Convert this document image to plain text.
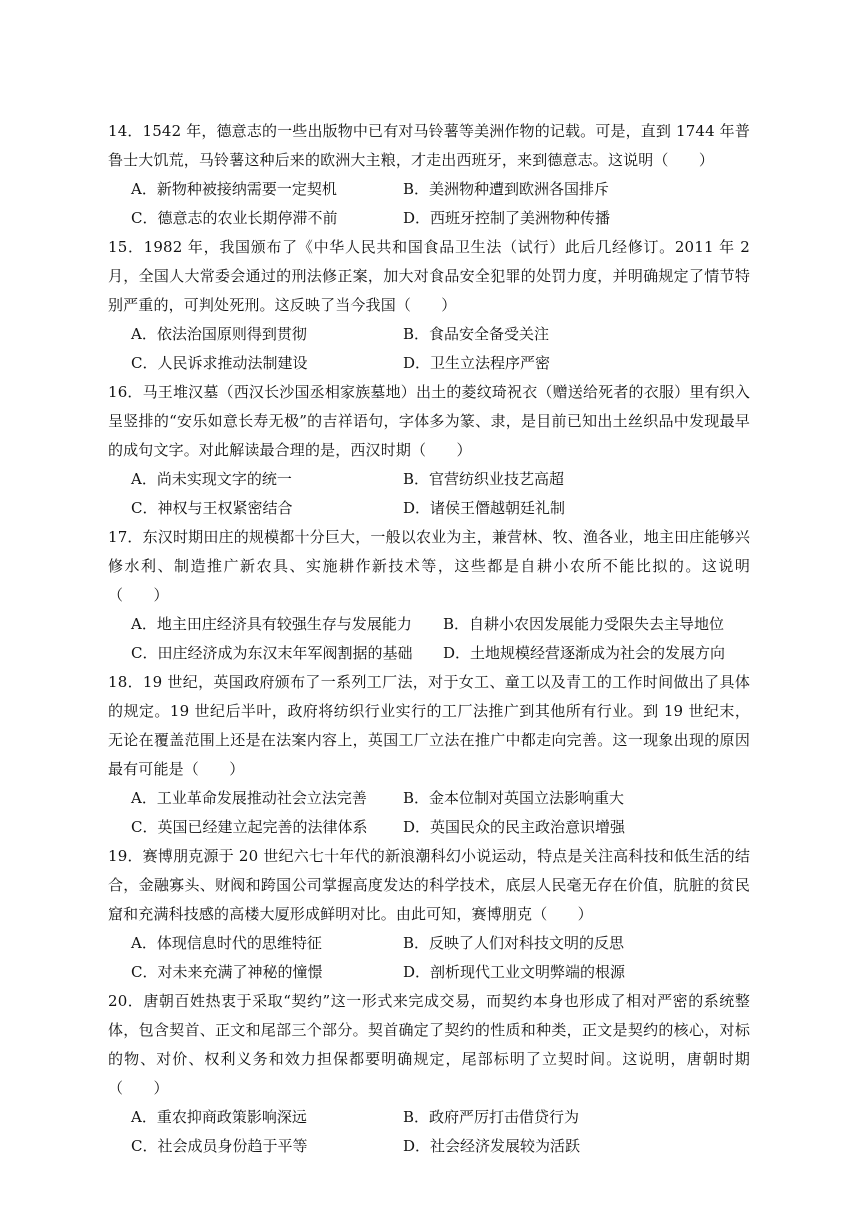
14．1542 年，德意志的一些出版物中已有对马铃薯等美洲作物的记载。可是，直到 1744 年普鲁士大饥荒，马铃薯这种后来的欧洲大主粮，才走出西班牙，来到德意志。这说明（　　）

A．新物种被接纳需要一定契机	B．美洲物种遭到欧洲各国排斥
C．德意志的农业长期停滞不前	D．西班牙控制了美洲物种传播

15．1982 年，我国颁布了《中华人民共和国食品卫生法（试行）此后几经修订。2011 年 2 月，全国人大常委会通过的刑法修正案，加大对食品安全犯罪的处罚力度，并明确规定了情节特别严重的，可判处死刑。这反映了当今我国（　　）

A．依法治国原则得到贯彻	B．食品安全备受关注
C．人民诉求推动法制建设	D．卫生立法程序严密

16．马王堆汉墓（西汉长沙国丞相家族墓地）出土的菱纹琦祝衣（赠送给死者的衣服）里有织入呈竖排的“安乐如意长寿无极”的吉祥语句，字体多为篆、隶，是目前已知出土丝织品中发现最早的成句文字。对此解读最合理的是，西汉时期（　　）

A．尚未实现文字的统一	B．官营纺织业技艺高超
C．神权与王权紧密结合	D．诸侯王僭越朝廷礼制

17．东汉时期田庄的规模都十分巨大，一般以农业为主，兼营林、牧、渔各业，地主田庄能够兴修水利、制造推广新农具、实施耕作新技术等，这些都是自耕小农所不能比拟的。这说明（　　）

A．地主田庄经济具有较强生存与发展能力	B．自耕小农因发展能力受限失去主导地位
C．田庄经济成为东汉末年军阀割据的基础	D．土地规模经营逐渐成为社会的发展方向

18．19 世纪，英国政府颁布了一系列工厂法，对于女工、童工以及青工的工作时间做出了具体的规定。19 世纪后半叶，政府将纺织行业实行的工厂法推广到其他所有行业。到 19 世纪末，无论在覆盖范围上还是在法案内容上，英国工厂立法在推广中都走向完善。这一现象出现的原因最有可能是（　　）

A．工业革命发展推动社会立法完善	B．金本位制对英国立法影响重大
C．英国已经建立起完善的法律体系	D．英国民众的民主政治意识增强

19．赛博朋克源于 20 世纪六七十年代的新浪潮科幻小说运动，特点是关注高科技和低生活的结合，金融寡头、财阀和跨国公司掌握高度发达的科学技术，底层人民毫无存在价值，肮脏的贫民窟和充满科技感的高楼大厦形成鲜明对比。由此可知，赛博朋克（　　）

A．体现信息时代的思维特征	B．反映了人们对科技文明的反思
C．对未来充满了神秘的憧憬	D．剖析现代工业文明弊端的根源

20．唐朝百姓热衷于采取“契约”这一形式来完成交易，而契约本身也形成了相对严密的系统整体，包含契首、正文和尾部三个部分。契首确定了契约的性质和种类，正文是契约的核心，对标的物、对价、权利义务和效力担保都要明确规定，尾部标明了立契时间。这说明，唐朝时期（　　）

A．重农抑商政策影响深远	B．政府严厉打击借贷行为
C．社会成员身份趋于平等	D．社会经济发展较为活跃
